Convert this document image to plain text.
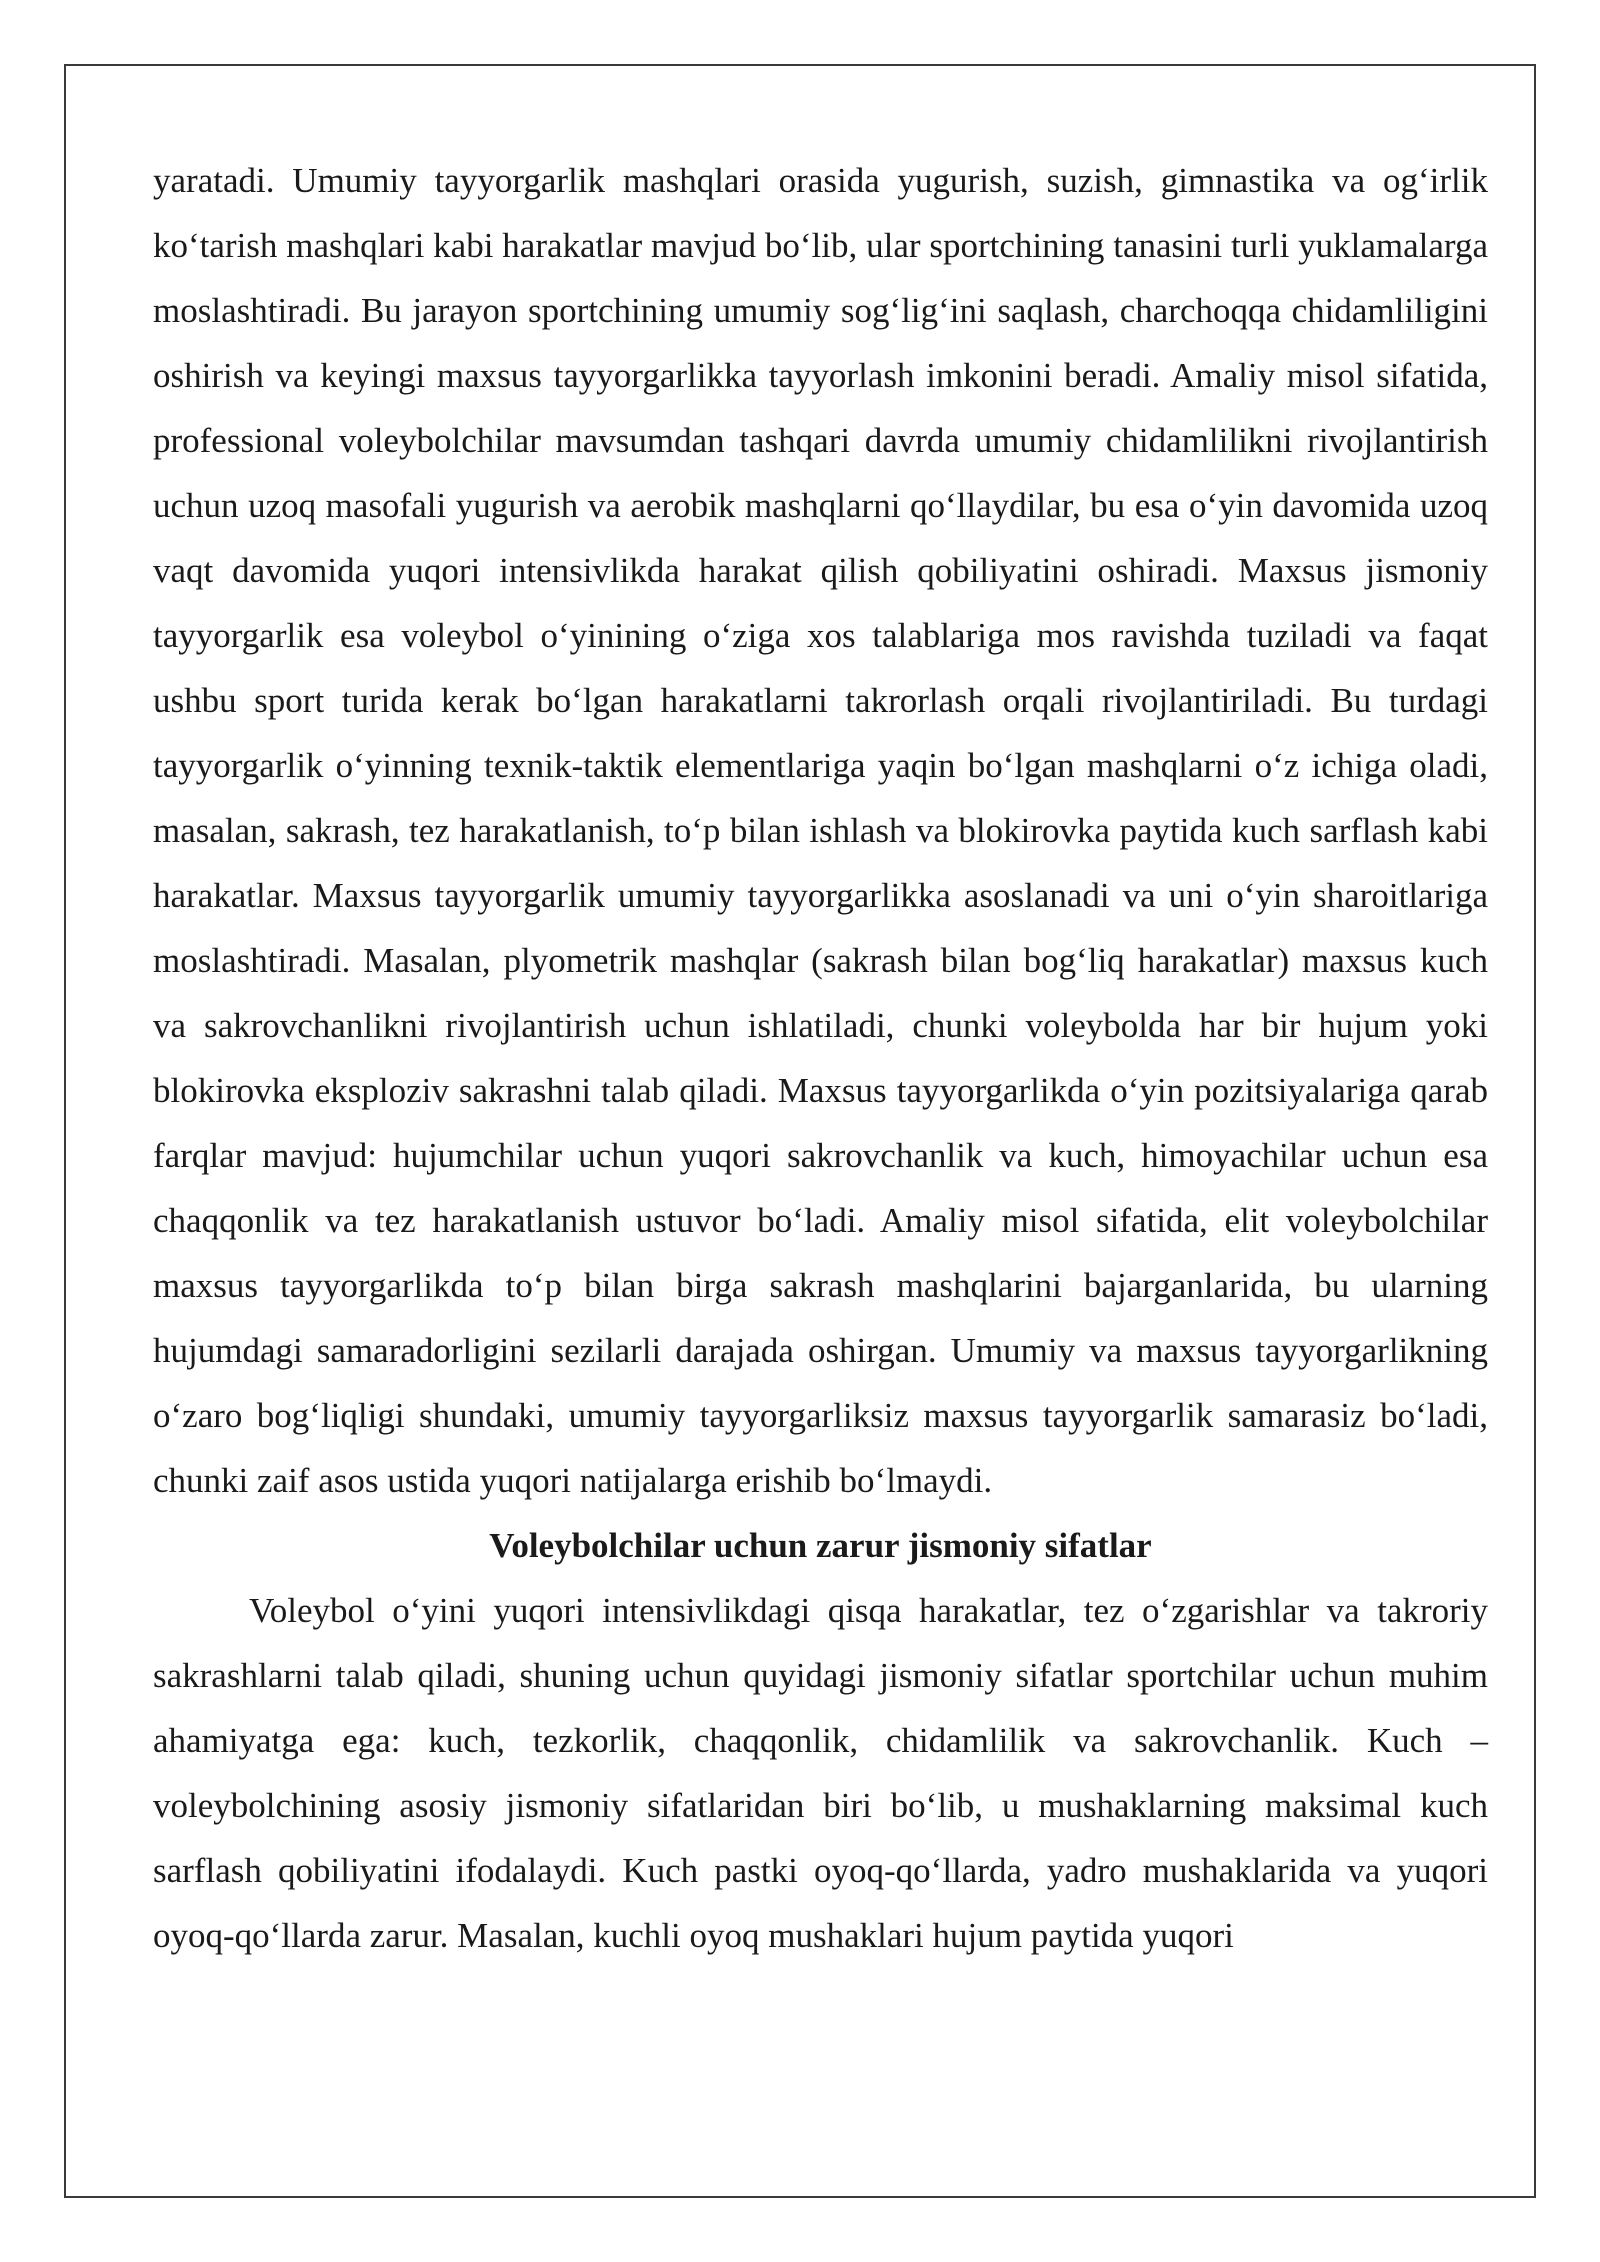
yaratadi. Umumiy tayyorgarlik mashqlari orasida yugurish, suzish, gimnastika va og‘irlik ko‘tarish mashqlari kabi harakatlar mavjud bo‘lib, ular sportchining tanasini turli yuklamalarga moslashtiradi. Bu jarayon sportchining umumiy sog‘lig‘ini saqlash, charchoqqa chidamliligini oshirish va keyingi maxsus tayyorgarlikka tayyorlash imkonini beradi. Amaliy misol sifatida, professional voleybolchilar mavsumdan tashqari davrda umumiy chidamlilikni rivojlantirish uchun uzoq masofali yugurish va aerobik mashqlarni qo‘llaydilar, bu esa o‘yin davomida uzoq vaqt davomida yuqori intensivlikda harakat qilish qobiliyatini oshiradi. Maxsus jismoniy tayyorgarlik esa voleybol o‘yinining o‘ziga xos talablariga mos ravishda tuziladi va faqat ushbu sport turida kerak bo‘lgan harakatlarni takrorlash orqali rivojlantiriladi. Bu turdagi tayyorgarlik o‘yinning texnik-taktik elementlariga yaqin bo‘lgan mashqlarni o‘z ichiga oladi, masalan, sakrash, tez harakatlanish, to‘p bilan ishlash va blokirovka paytida kuch sarflash kabi harakatlar. Maxsus tayyorgarlik umumiy tayyorgarlikka asoslanadi va uni o‘yin sharoitlariga moslashtiradi. Masalan, plyometrik mashqlar (sakrash bilan bog‘liq harakatlar) maxsus kuch va sakrovchanlikni rivojlantirish uchun ishlatiladi, chunki voleybolda har bir hujum yoki blokirovka eksploziv sakrashni talab qiladi. Maxsus tayyorgarlikda o‘yin pozitsiyalariga qarab farqlar mavjud: hujumchilar uchun yuqori sakrovchanlik va kuch, himoyachilar uchun esa chaqqonlik va tez harakatlanish ustuvor bo‘ladi. Amaliy misol sifatida, elit voleybolchilar maxsus tayyorgarlikda to‘p bilan birga sakrash mashqlarini bajarganlarida, bu ularning hujumdagi samaradorligini sezilarli darajada oshirgan. Umumiy va maxsus tayyorgarlikning o‘zaro bog‘liqligi shundaki, umumiy tayyorgarliksiz maxsus tayyorgarlik samarasiz bo‘ladi, chunki zaif asos ustida yuqori natijalarga erishib bo‘lmaydi.

Voleybolchilar uchun zarur jismoniy sifatlar

Voleybol o‘yini yuqori intensivlikdagi qisqa harakatlar, tez o‘zgarishlar va takroriy sakrashlarni talab qiladi, shuning uchun quyidagi jismoniy sifatlar sportchilar uchun muhim ahamiyatga ega: kuch, tezkorlik, chaqqonlik, chidamlilik va sakrovchanlik. Kuch – voleybolchining asosiy jismoniy sifatlaridan biri bo‘lib, u mushaklarning maksimal kuch sarflash qobiliyatini ifodalaydi. Kuch pastki oyoq-qo‘llarda, yadro mushaklarida va yuqori oyoq-qo‘llarda zarur. Masalan, kuchli oyoq mushaklari hujum paytida yuqori
